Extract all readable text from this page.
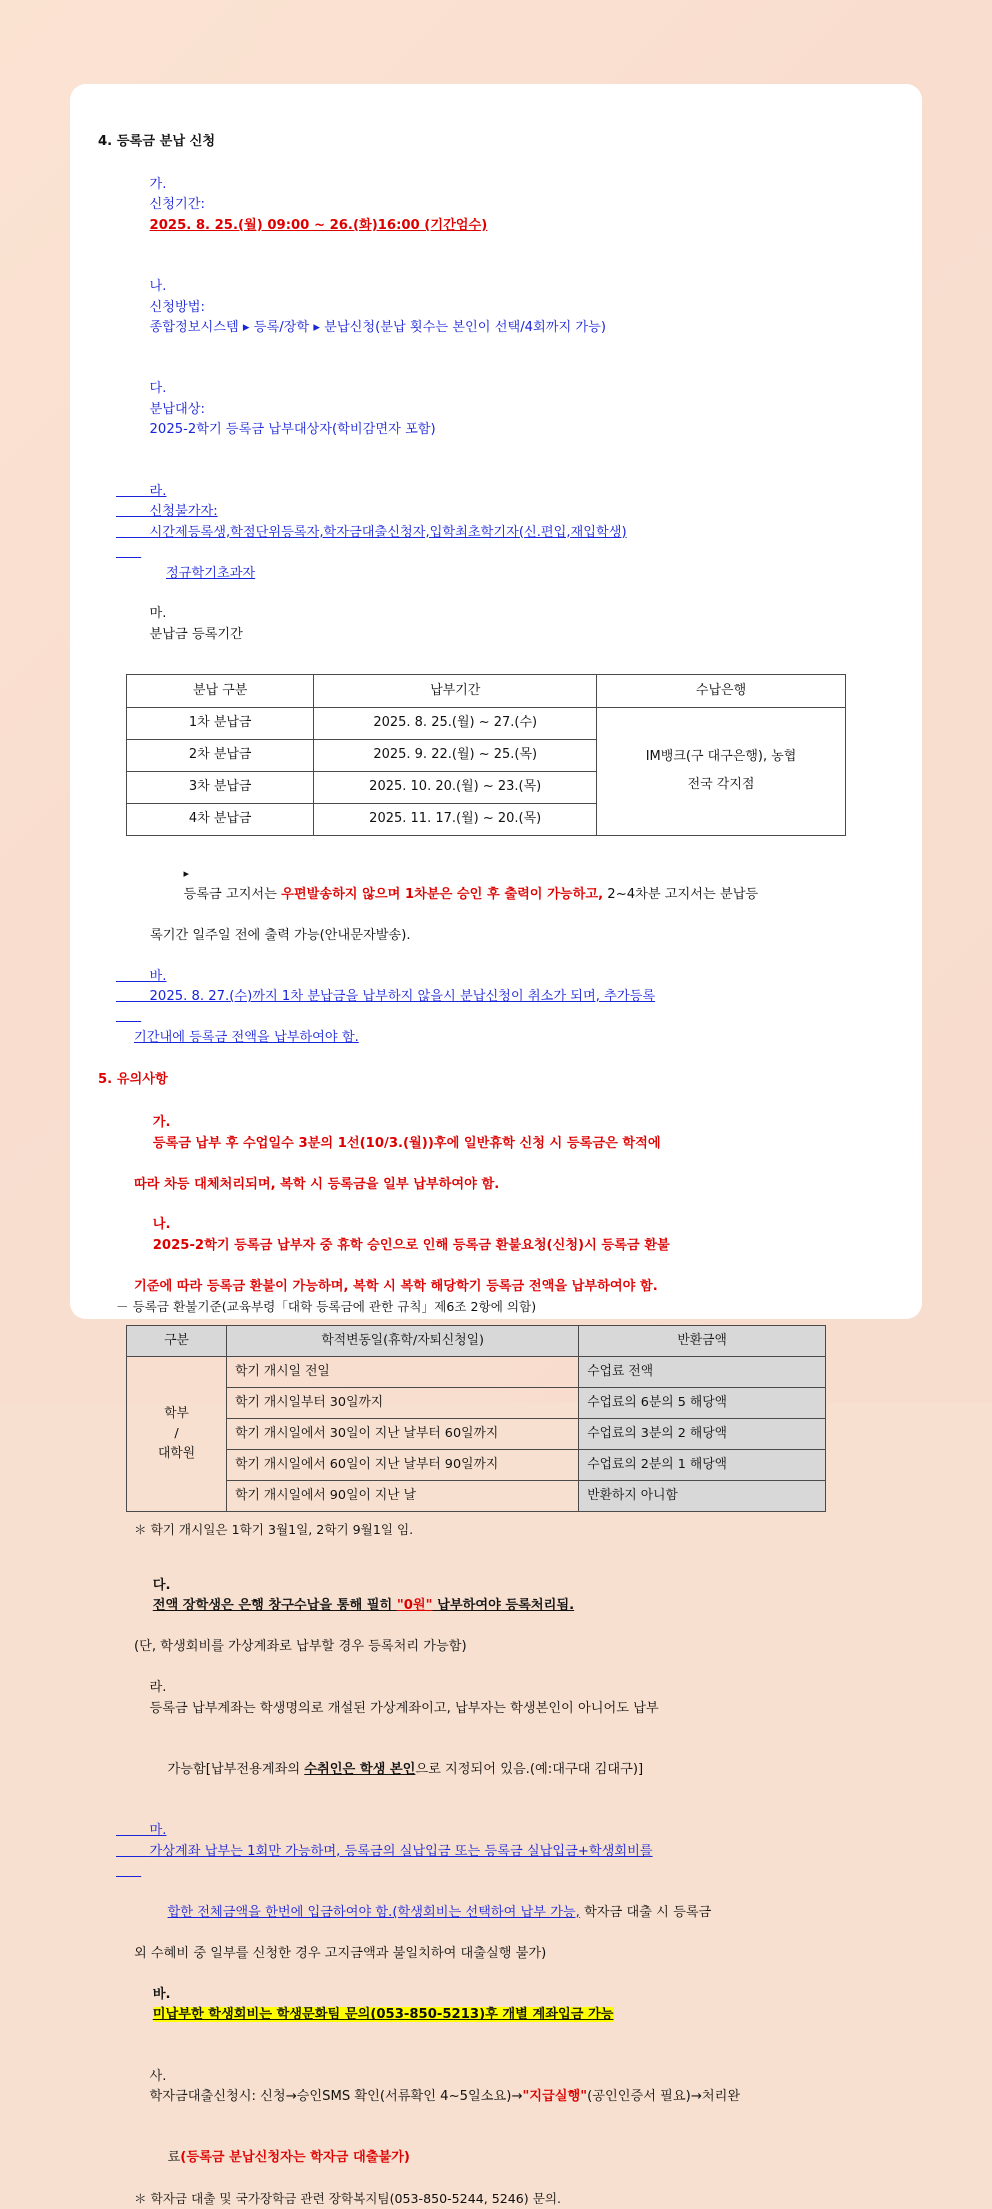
4. 등록금 분납 신청

가.
신청기간:
2025. 8. 25.(월) 09:00 ~ 26.(화)16:00 (기간엄수)

나.
신청방법:
종합정보시스템 ▸ 등록/장학 ▸ 분납신청(분납 횟수는 본인이 선택/4회까지 가능)

다.
분납대상:
2025-2학기 등록금 납부대상자(학비감면자 포함)

라.
신청불가자:
시간제등록생,학점단위등록자,학자금대출신청자,입학최초학기자(신.편입,재입학생)

정규학기초과자

마.
분납금 등록기간

분납 구분	납부기간	수납은행
1차 분납금	2025. 8. 25.(월) ~ 27.(수)	IM뱅크(구 대구은행), 농협
전국 각지점

2차 분납금	2025. 9. 22.(월) ~ 25.(목)	
3차 분납금	2025. 10. 20.(월) ~ 23.(목)	
4차 분납금	2025. 11. 17.(월) ~ 20.(목)	

▸
등록금 고지서는 우편발송하지 않으며 1차분은 승인 후 출력이 가능하고, 2~4차분 고지서는 분납등

록기간 일주일 전에 출력 가능(안내문자발송).

바.
2025. 8. 27.(수)까지 1차 분납금을 납부하지 않을시 분납신청이 취소가 되며, 추가등록

기간내에 등록금 전액을 납부하여야 함.
5. 유의사항

가.
등록금 납부 후 수업일수 3분의 1선(10/3.(월))후에 일반휴학 신청 시 등록금은 학적에

따라 차등 대체처리되며, 복학 시 등록금을 일부 납부하여야 함.

나.
2025-2학기 등록금 납부자 중 휴학 승인으로 인해 등록금 환불요청(신청)시 등록금 환불

기준에 따라 등록금 환불이 가능하며, 복학 시 복학 해당학기 등록금 전액을 납부하여야 함.
－ 등록금 환불기준(교육부령「대학 등록금에 관한 규칙」제6조 2항에 의함)
구분	학적변동일(휴학/자퇴신청일)	반환금액

학부
/
대학원	학기 개시일 전일	수업료 전액
	학기 개시일부터 30일까지	수업료의 6분의 5 해당액
	학기 개시일에서 30일이 지난 날부터 60일까지	수업료의 3분의 2 해당액
	학기 개시일에서 60일이 지난 날부터 90일까지	수업료의 2분의 1 해당액
	학기 개시일에서 90일이 지난 날	반환하지 아니함
＊ 학기 개시일은 1학기 3월1일, 2학기 9월1일 임.

다.
전액 장학생은 은행 창구수납을 통해 필히 "0원" 납부하여야 등록처리됨.

(단, 학생회비를 가상계좌로 납부할 경우 등록처리 가능함)

라.
등록금 납부계좌는 학생명의로 개설된 가상계좌이고, 납부자는 학생본인이 아니어도 납부

가능함[납부전용계좌의 수취인은 학생 본인으로 지정되어 있음.(예:대구대 김대구)]

마.
가상계좌 납부는 1회만 가능하며, 등록금의 실납입금 또는 등록금 실납입금+학생회비를

합한 전체금액을 한번에 입금하여야 함.(학생회비는 선택하여 납부 가능, 학자금 대출 시 등록금

외 수혜비 중 일부를 신청한 경우 고지금액과 불일치하여 대출실행 불가)

바.
미납부한 학생회비는 학생문화팀 문의(053-850-5213)후 개별 계좌입금 가능

사.
학자금대출신청시: 신청→승인SMS 확인(서류확인 4~5일소요)→"지급실행"(공인인증서 필요)→처리완

료(등록금 분납신청자는 학자금 대출불가)

＊ 학자금 대출 및 국가장학금 관련 장학복지팀(053-850-5244, 5246) 문의.
